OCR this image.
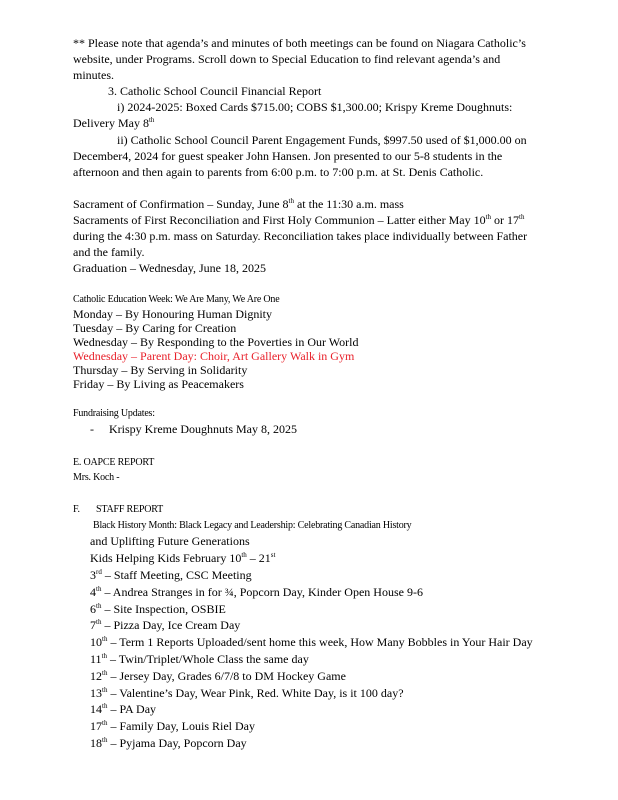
** Please note that agenda’s and minutes of both meetings can be found on Niagara Catholic’s
website, under Programs. Scroll down to Special Education to find relevant agenda’s and
minutes.
3. Catholic School Council Financial Report
i) 2024-2025: Boxed Cards $715.00; COBS $1,300.00; Krispy Kreme Doughnuts:
Delivery May 8th
ii) Catholic School Council Parent Engagement Funds, $997.50 used of $1,000.00 on
December4, 2024 for guest speaker John Hansen. Jon presented to our 5-8 students in the
afternoon and then again to parents from 6:00 p.m. to 7:00 p.m. at St. Denis Catholic.
Sacrament of Confirmation – Sunday, June 8th at the 11:30 a.m. mass
Sacraments of First Reconciliation and First Holy Communion – Latter either May 10th or 17th
during the 4:30 p.m. mass on Saturday. Reconciliation takes place individually between Father
and the family.
Graduation – Wednesday, June 18, 2025
Catholic Education Week: We Are Many, We Are One
Monday – By Honouring Human Dignity
Tuesday – By Caring for Creation
Wednesday – By Responding to the Poverties in Our World
Wednesday – Parent Day: Choir, Art Gallery Walk in Gym
Thursday – By Serving in Solidarity
Friday – By Living as Peacemakers
Fundraising Updates:
- Krispy Kreme Doughnuts May 8, 2025
E. OAPCE REPORT
Mrs. Koch -
F. STAFF REPORT
Black History Month: Black Legacy and Leadership: Celebrating Canadian History
and Uplifting Future Generations
Kids Helping Kids February 10th – 21st
3rd – Staff Meeting, CSC Meeting
4th – Andrea Stranges in for ¾, Popcorn Day, Kinder Open House 9-6
6th – Site Inspection, OSBIE
7th – Pizza Day, Ice Cream Day
10th – Term 1 Reports Uploaded/sent home this week, How Many Bobbles in Your Hair Day
11th – Twin/Triplet/Whole Class the same day
12th – Jersey Day, Grades 6/7/8 to DM Hockey Game
13th – Valentine’s Day, Wear Pink, Red. White Day, is it 100 day?
14th – PA Day
17th – Family Day, Louis Riel Day
18th – Pyjama Day, Popcorn Day
